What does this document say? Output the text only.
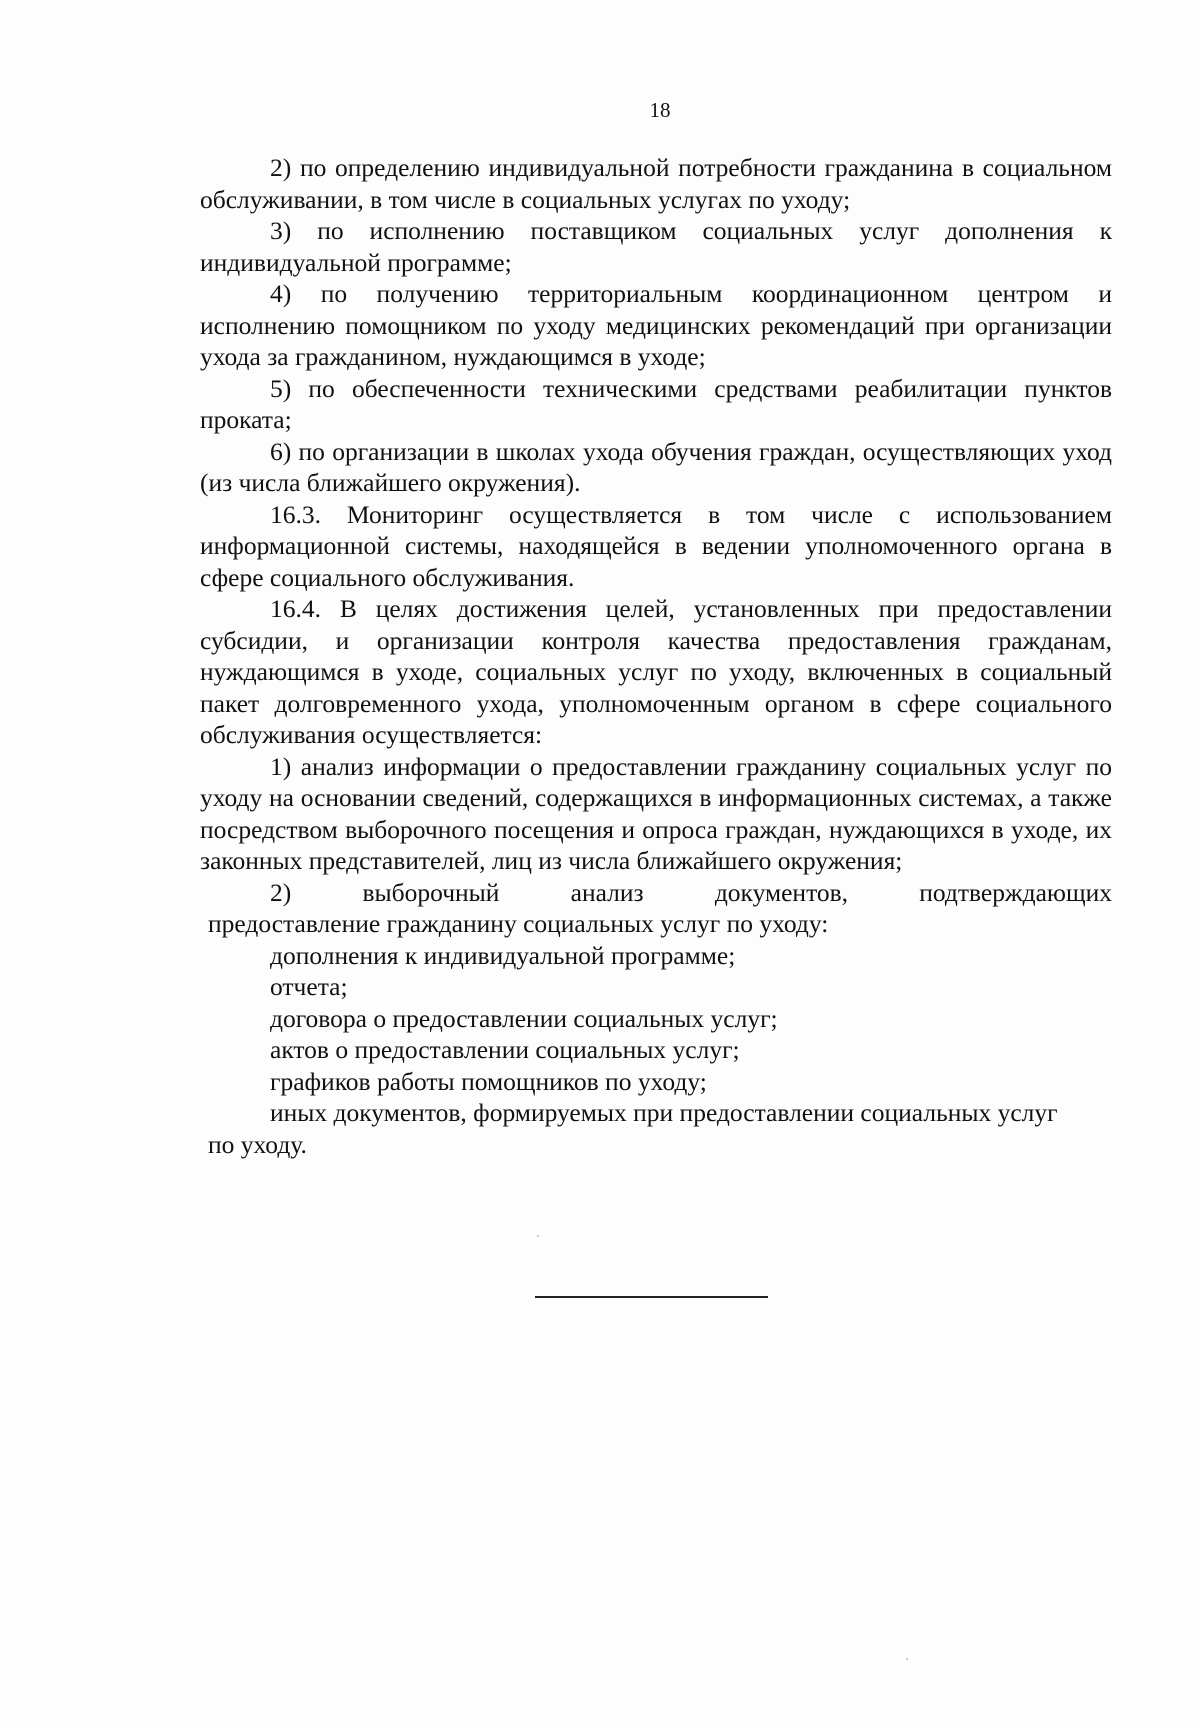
18

2) по определению индивидуальной потребности гражданина в социальном обслуживании, в том числе в социальных услугах по уходу;

3) по исполнению поставщиком социальных услуг дополнения к индивидуальной программе;

4) по получению территориальным координационном центром и исполнению помощником по уходу медицинских рекомендаций при организации ухода за гражданином, нуждающимся в уходе;

5) по обеспеченности техническими средствами реабилитации пунктов проката;

6) по организации в школах ухода обучения граждан, осуществляющих уход (из числа ближайшего окружения).

16.3. Мониторинг осуществляется в том числе с использованием информационной системы, находящейся в ведении уполномоченного органа в сфере социального обслуживания.

16.4. В целях достижения целей, установленных при предоставлении субсидии, и организации контроля качества предоставления гражданам, нуждающимся в уходе, социальных услуг по уходу, включенных в социальный пакет долговременного ухода, уполномоченным органом в сфере социального обслуживания осуществляется:

1) анализ информации о предоставлении гражданину социальных услуг по уходу на основании сведений, содержащихся в информационных системах, а также посредством выборочного посещения и опроса граждан, нуждающихся в уходе, их законных представителей, лиц из числа ближайшего окружения;

2) выборочный анализ документов, подтверждающих

предоставление гражданину социальных услуг по уходу:

дополнения к индивидуальной программе;

отчета;

договора о предоставлении социальных услуг;

актов о предоставлении социальных услуг;

графиков работы помощников по уходу;

иных документов, формируемых при предоставлении социальных услуг

по уходу.
